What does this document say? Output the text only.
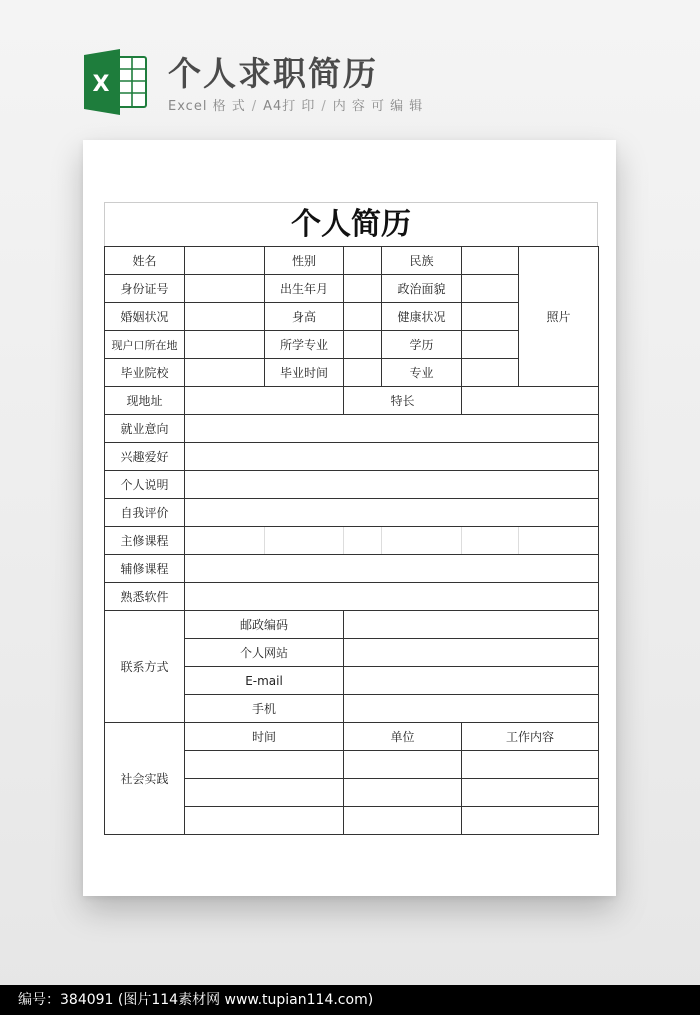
X 个人求职简历
Excel 格 式 / A4打 印 / 内 容 可 编 辑
个人简历
姓名		性别		民族		照片
身份证号		出生年月		政治面貌		
婚姻状况		身高		健康状况		
现户口所在地		所学专业		学历		
毕业院校		毕业时间		专业		
现地址			特长			
就业意向						
兴趣爱好						
个人说明						
自我评价						
主修课程						
辅修课程						
熟悉软件						
联系方式	邮政编码					
	个人网站					
	E-mail					
	手机					
社会实践	时间		单位		工作内容	

编号：384091 (图片114素材网 www.tupian114.com)
